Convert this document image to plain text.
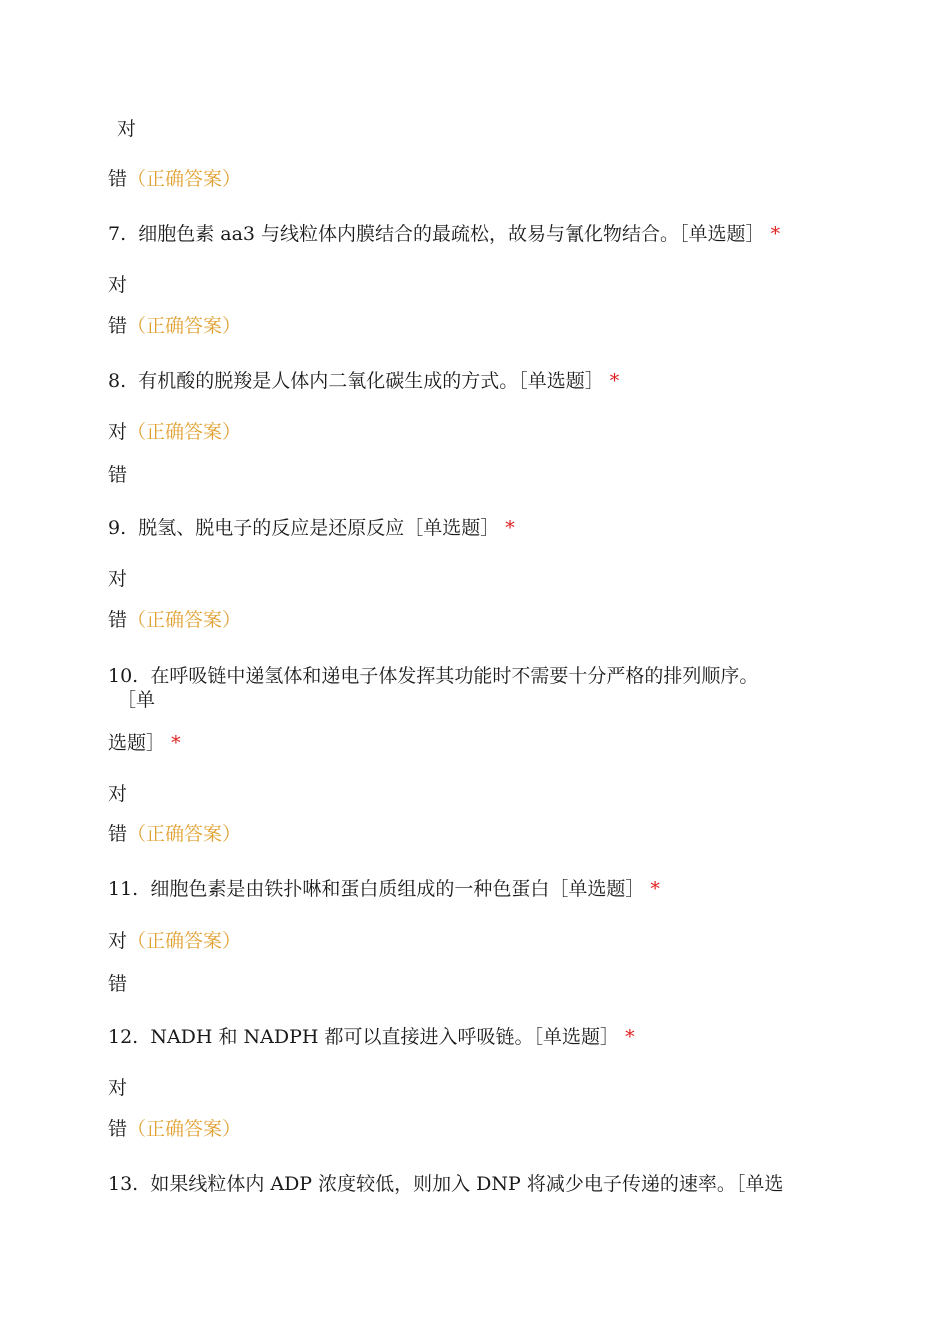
对
错（正确答案）
7. 细胞色素 aa3 与线粒体内膜结合的最疏松，故易与氰化物结合。［单选题］ *
对
错（正确答案）
8. 有机酸的脱羧是人体内二氧化碳生成的方式。［单选题］ *
对（正确答案）
错
9. 脱氢、脱电子的反应是还原反应［单选题］ *
对
错（正确答案）
10. 在呼吸链中递氢体和递电子体发挥其功能时不需要十分严格的排列顺序。
［单
选题］ *
对
错（正确答案）
11. 细胞色素是由铁扑啉和蛋白质组成的一种色蛋白［单选题］ *
对（正确答案）
错
12. NADH 和 NADPH 都可以直接进入呼吸链。［单选题］ *
对
错（正确答案）
13. 如果线粒体内 ADP 浓度较低，则加入 DNP 将减少电子传递的速率。［单选
